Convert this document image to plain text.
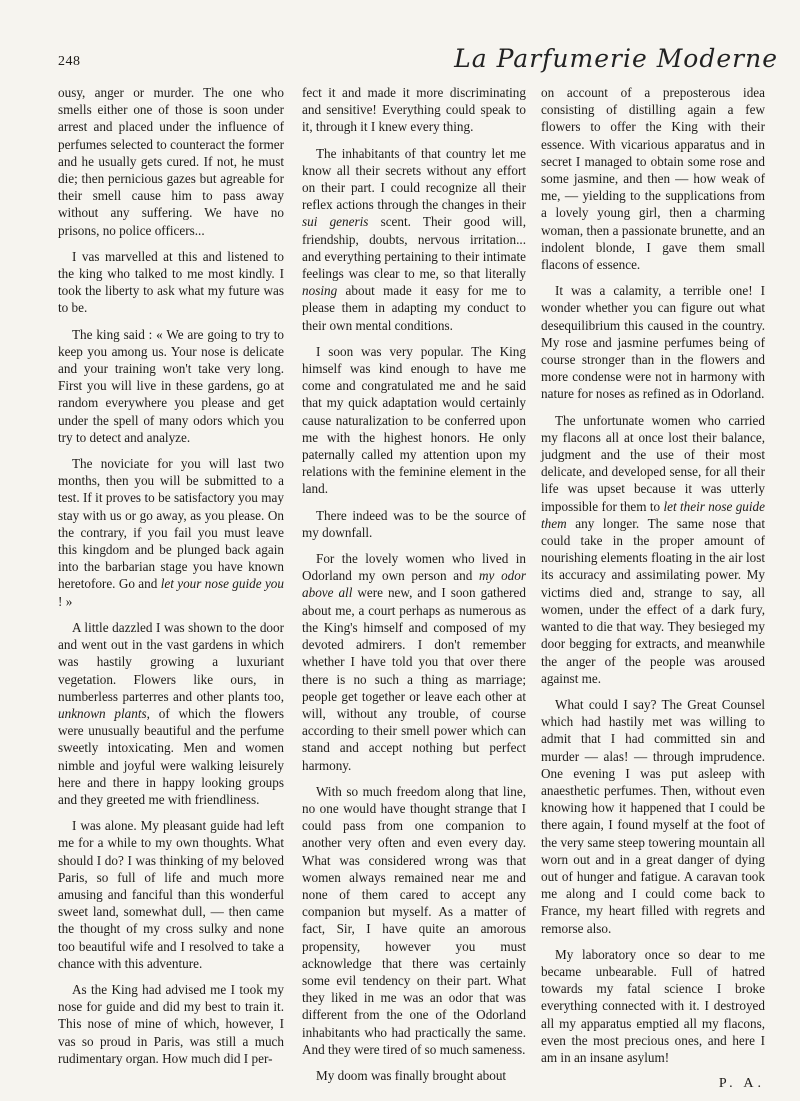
248	La Parfumerie Moderne

ousy, anger or murder. The one who smells either one of those is soon under arrest and placed under the influence of perfumes selected to counteract the former and he usually gets cured. If not, he must die; then pernicious gazes but agreable for their smell cause him to pass away without any suffering. We have no prisons, no police officers...

I vas marvelled at this and listened to the king who talked to me most kindly. I took the liberty to ask what my future was to be.

The king said : « We are going to try to keep you among us. Your nose is delicate and your training won't take very long. First you will live in these gardens, go at random everywhere you please and get under the spell of many odors which you try to detect and analyze.

The noviciate for you will last two months, then you will be submitted to a test. If it proves to be satisfactory you may stay with us or go away, as you please. On the contrary, if you fail you must leave this kingdom and be plunged back again into the barbarian stage you have known heretofore. Go and let your nose guide you ! »

A little dazzled I was shown to the door and went out in the vast gardens in which was hastily growing a luxuriant vegetation. Flowers like ours, in numberless parterres and other plants too, unknown plants, of which the flowers were unusually beautiful and the perfume sweetly intoxicating. Men and women nimble and joyful were walking leisurely here and there in happy looking groups and they greeted me with friendliness.

I was alone. My pleasant guide had left me for a while to my own thoughts. What should I do? I was thinking of my beloved Paris, so full of life and much more amusing and fanciful than this wonderful sweet land, somewhat dull, — then came the thought of my cross sulky and none too beautiful wife and I resolved to take a chance with this adventure.

As the King had advised me I took my nose for guide and did my best to train it. This nose of mine of which, however, I vas so proud in Paris, was still a much rudimentary organ. How much did I per-

fect it and made it more discriminating and sensitive! Everything could speak to it, through it I knew every thing.

The inhabitants of that country let me know all their secrets without any effort on their part. I could recognize all their reflex actions through the changes in their sui generis scent. Their good will, friendship, doubts, nervous irritation... and everything pertaining to their intimate feelings was clear to me, so that literally nosing about made it easy for me to please them in adapting my conduct to their own mental conditions.

I soon was very popular. The King himself was kind enough to have me come and congratulated me and he said that my quick adaptation would certainly cause naturalization to be conferred upon me with the highest honors. He only paternally called my attention upon my relations with the feminine element in the land.

There indeed was to be the source of my downfall.

For the lovely women who lived in Odorland my own person and my odor above all were new, and I soon gathered about me, a court perhaps as numerous as the King's himself and composed of my devoted admirers. I don't remember whether I have told you that over there there is no such a thing as marriage; people get together or leave each other at will, without any trouble, of course according to their smell power which can stand and accept nothing but perfect harmony.

With so much freedom along that line, no one would have thought strange that I could pass from one companion to another very often and even every day. What was considered wrong was that women always remained near me and none of them cared to accept any companion but myself. As a matter of fact, Sir, I have quite an amorous propensity, however you must acknowledge that there was certainly some evil tendency on their part. What they liked in me was an odor that was different from the one of the Odorland inhabitants who had practically the same. And they were tired of so much sameness.

My doom was finally brought about

on account of a preposterous idea consisting of distilling again a few flowers to offer the King with their essence. With vicarious apparatus and in secret I managed to obtain some rose and some jasmine, and then — how weak of me, — yielding to the supplications from a lovely young girl, then a charming woman, then a passionate brunette, and an indolent blonde, I gave them small flacons of essence.

It was a calamity, a terrible one! I wonder whether you can figure out what desequilibrium this caused in the country. My rose and jasmine perfumes being of course stronger than in the flowers and more condense were not in harmony with nature for noses as refined as in Odorland.

The unfortunate women who carried my flacons all at once lost their balance, judgment and the use of their most delicate, and developed sense, for all their life was upset because it was utterly impossible for them to let their nose guide them any longer. The same nose that could take in the proper amount of nourishing elements floating in the air lost its accuracy and assimilating power. My victims died and, strange to say, all women, under the effect of a dark fury, wanted to die that way. They besieged my door begging for extracts, and meanwhile the anger of the people was aroused against me.

What could I say? The Great Counsel which had hastily met was willing to admit that I had committed sin and murder — alas! — through imprudence. One evening I was put asleep with anaesthetic perfumes. Then, without even knowing how it happened that I could be there again, I found myself at the foot of the very same steep towering mountain all worn out and in a great danger of dying out of hunger and fatigue. A caravan took me along and I could come back to France, my heart filled with regrets and remorse also.

My laboratory once so dear to me became unbearable. Full of hatred towards my fatal science I broke everything connected with it. I destroyed all my apparatus emptied all my flacons, even the most precious ones, and here I am in an insane asylum!

P. A.
